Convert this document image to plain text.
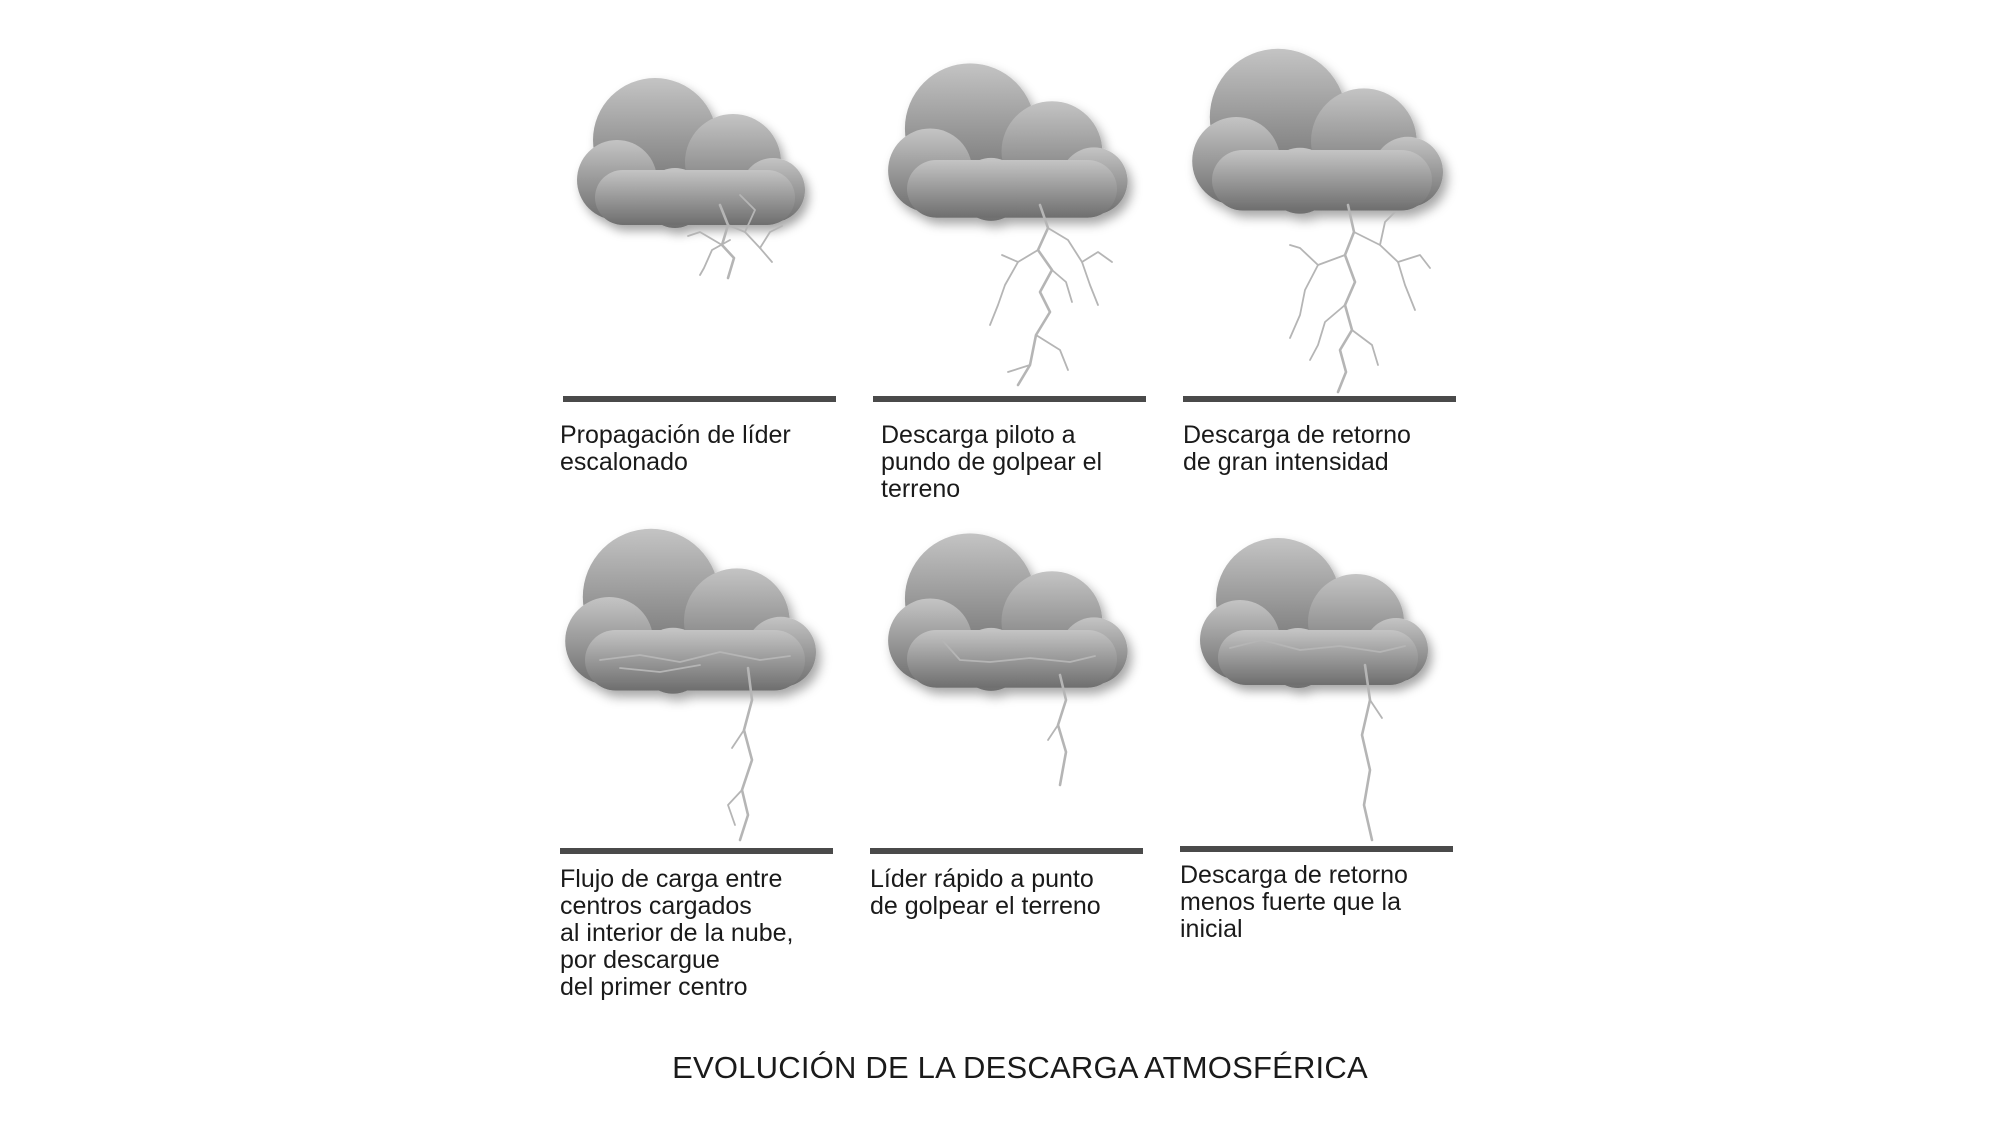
Propagación de líder
escalonado
Descarga piloto a
pundo de golpear el
terreno
Descarga de retorno
de gran intensidad
Flujo de carga entre
centros cargados
al interior de la nube,
por descargue
del primer centro
Líder rápido a punto
de golpear el terreno
Descarga de retorno
menos fuerte que la
inicial
EVOLUCIÓN DE LA DESCARGA ATMOSFÉRICA
